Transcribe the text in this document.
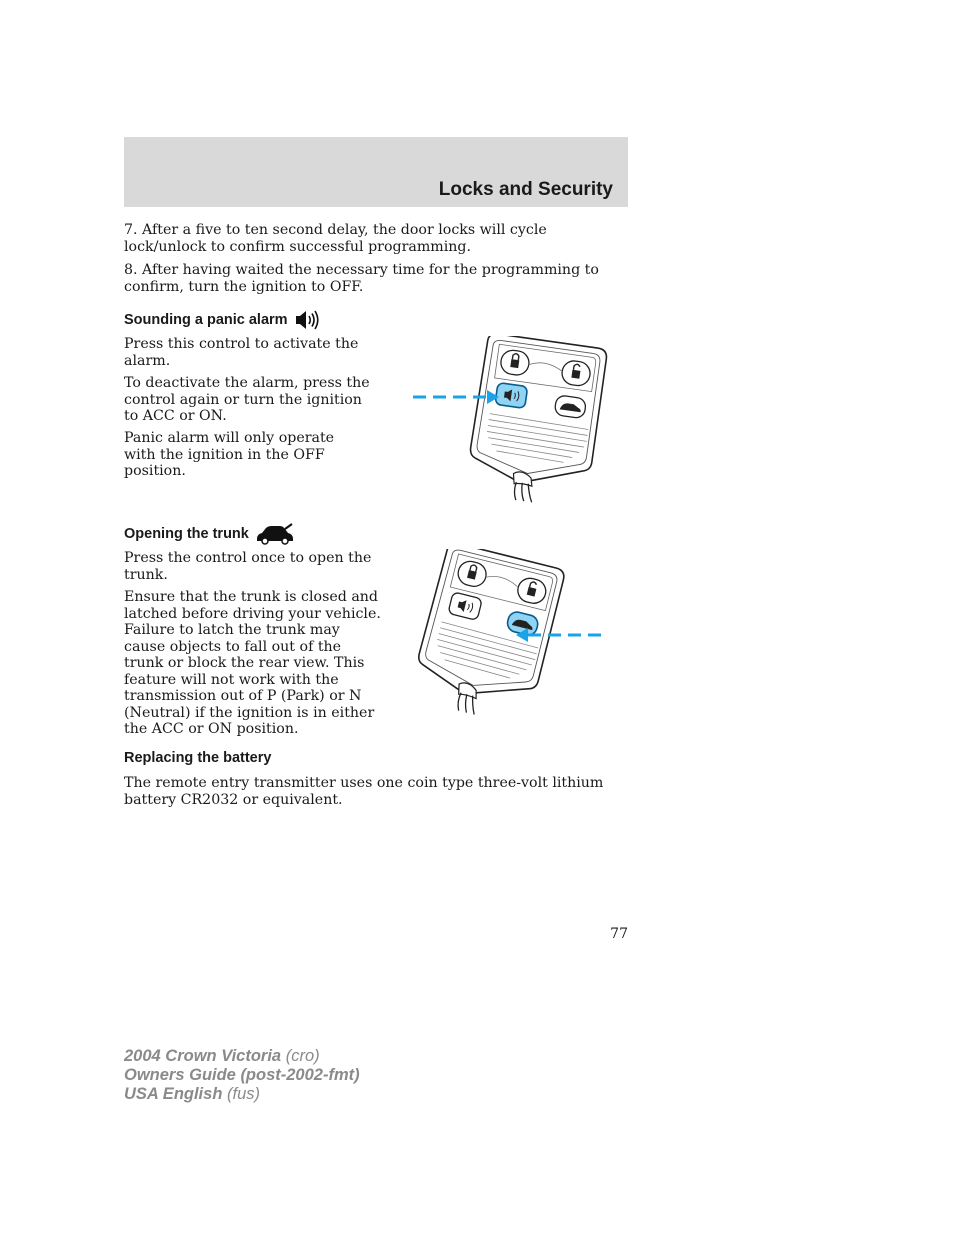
Locks and Security

7. After a five to ten second delay, the door locks will cycle lock/unlock to confirm successful programming.

8. After having waited the necessary time for the programming to confirm, turn the ignition to OFF.

Sounding a panic alarm

Press this control to activate the alarm.

To deactivate the alarm, press the control again or turn the ignition to ACC or ON.

Panic alarm will only operate with the ignition in the OFF position.

Opening the trunk

Press the control once to open the trunk.

Ensure that the trunk is closed and latched before driving your vehicle. Failure to latch the trunk may cause objects to fall out of the trunk or block the rear view. This feature will not work with the transmission out of P (Park) or N (Neutral) if the ignition is in either the ACC or ON position.

Replacing the battery

The remote entry transmitter uses one coin type three-volt lithium battery CR2032 or equivalent.

77
2004 Crown Victoria (cro)
Owners Guide (post-2002-fmt)
USA English (fus)
